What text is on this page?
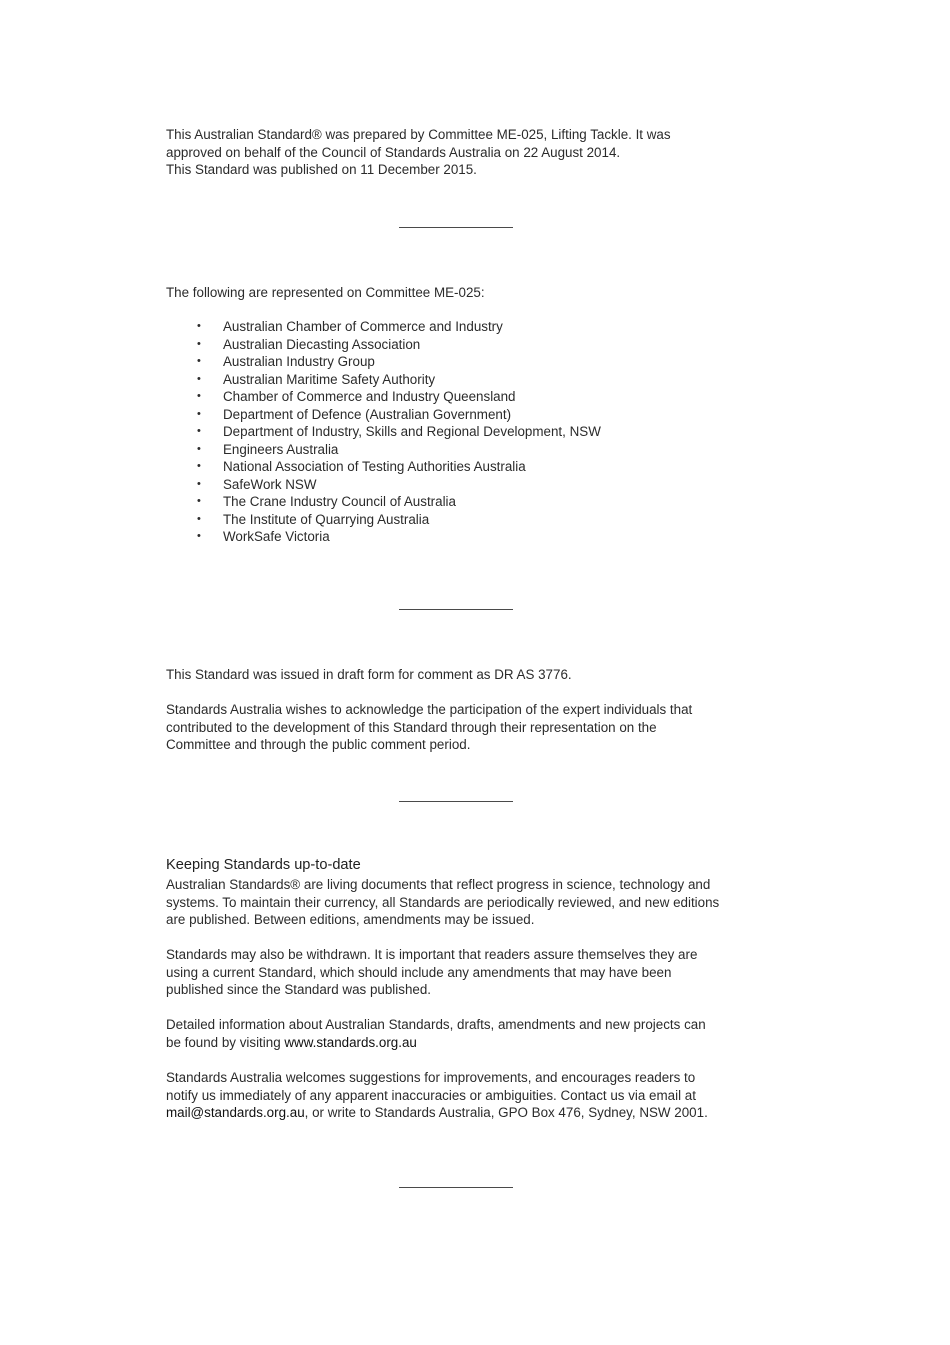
This Australian Standard® was prepared by Committee ME-025, Lifting Tackle. It was
approved on behalf of the Council of Standards Australia on 22 August 2014.
This Standard was published on 11 December 2015.

The following are represented on Committee ME-025:

• Australian Chamber of Commerce and Industry
• Australian Diecasting Association
• Australian Industry Group
• Australian Maritime Safety Authority
• Chamber of Commerce and Industry Queensland
• Department of Defence (Australian Government)
• Department of Industry, Skills and Regional Development, NSW
• Engineers Australia
• National Association of Testing Authorities Australia
• SafeWork NSW
• The Crane Industry Council of Australia
• The Institute of Quarrying Australia
• WorkSafe Victoria

This Standard was issued in draft form for comment as DR AS 3776.

Standards Australia wishes to acknowledge the participation of the expert individuals that
contributed to the development of this Standard through their representation on the
Committee and through the public comment period.
Keeping Standards up-to-date
Australian Standards® are living documents that reflect progress in science, technology and
systems. To maintain their currency, all Standards are periodically reviewed, and new editions
are published. Between editions, amendments may be issued.
Standards may also be withdrawn. It is important that readers assure themselves they are
using a current Standard, which should include any amendments that may have been
published since the Standard was published.
Detailed information about Australian Standards, drafts, amendments and new projects can
be found by visiting www.standards.org.au
Standards Australia welcomes suggestions for improvements, and encourages readers to
notify us immediately of any apparent inaccuracies or ambiguities. Contact us via email at
mail@standards.org.au, or write to Standards Australia, GPO Box 476, Sydney, NSW 2001.
